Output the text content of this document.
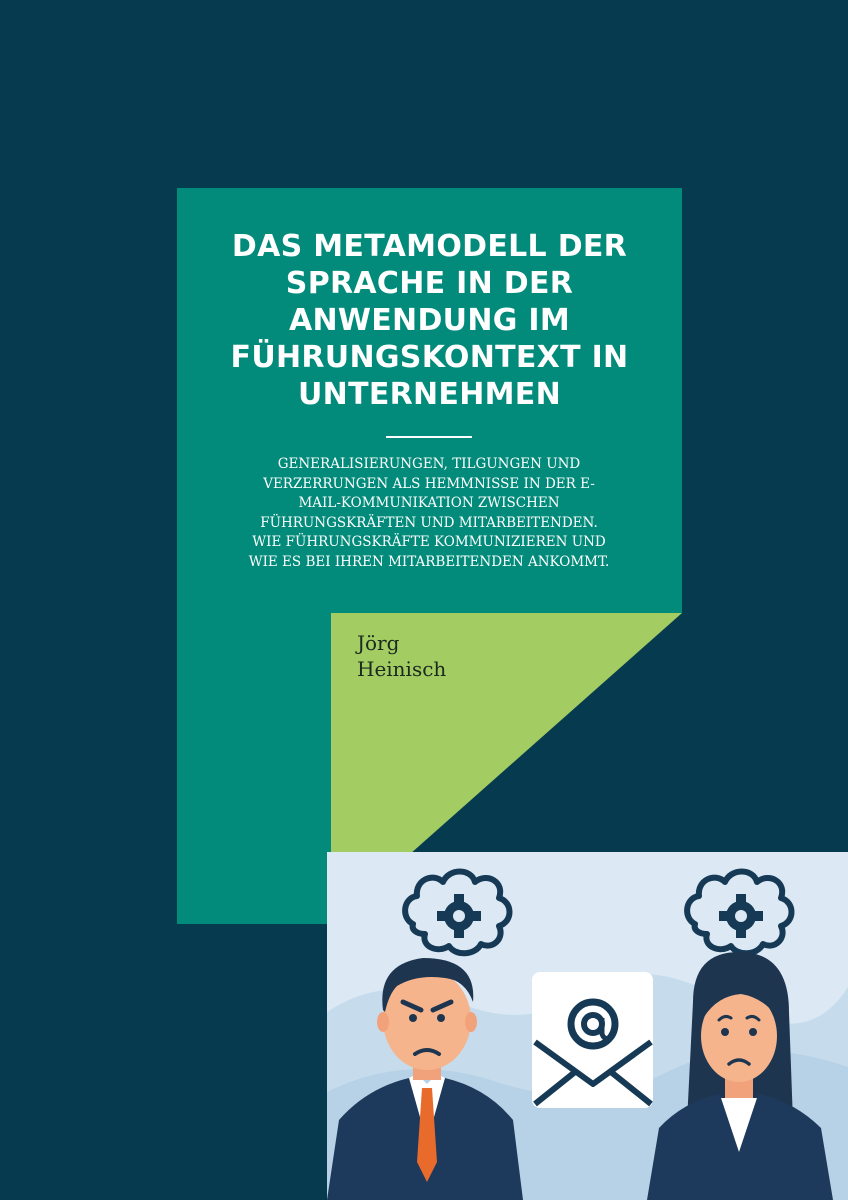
DAS METAMODELL DER
SPRACHE IN DER
ANWENDUNG IM
FÜHRUNGSKONTEXT IN
UNTERNEHMEN
GENERALISIERUNGEN, TILGUNGEN UND
VERZERRUNGEN ALS HEMMNISSE IN DER E-
MAIL-KOMMUNIKATION ZWISCHEN
FÜHRUNGSKRÄFTEN UND MITARBEITENDEN.
WIE FÜHRUNGSKRÄFTE KOMMUNIZIEREN UND
WIE ES BEI IHREN MITARBEITENDEN ANKOMMT.
Jörg
Heinisch
